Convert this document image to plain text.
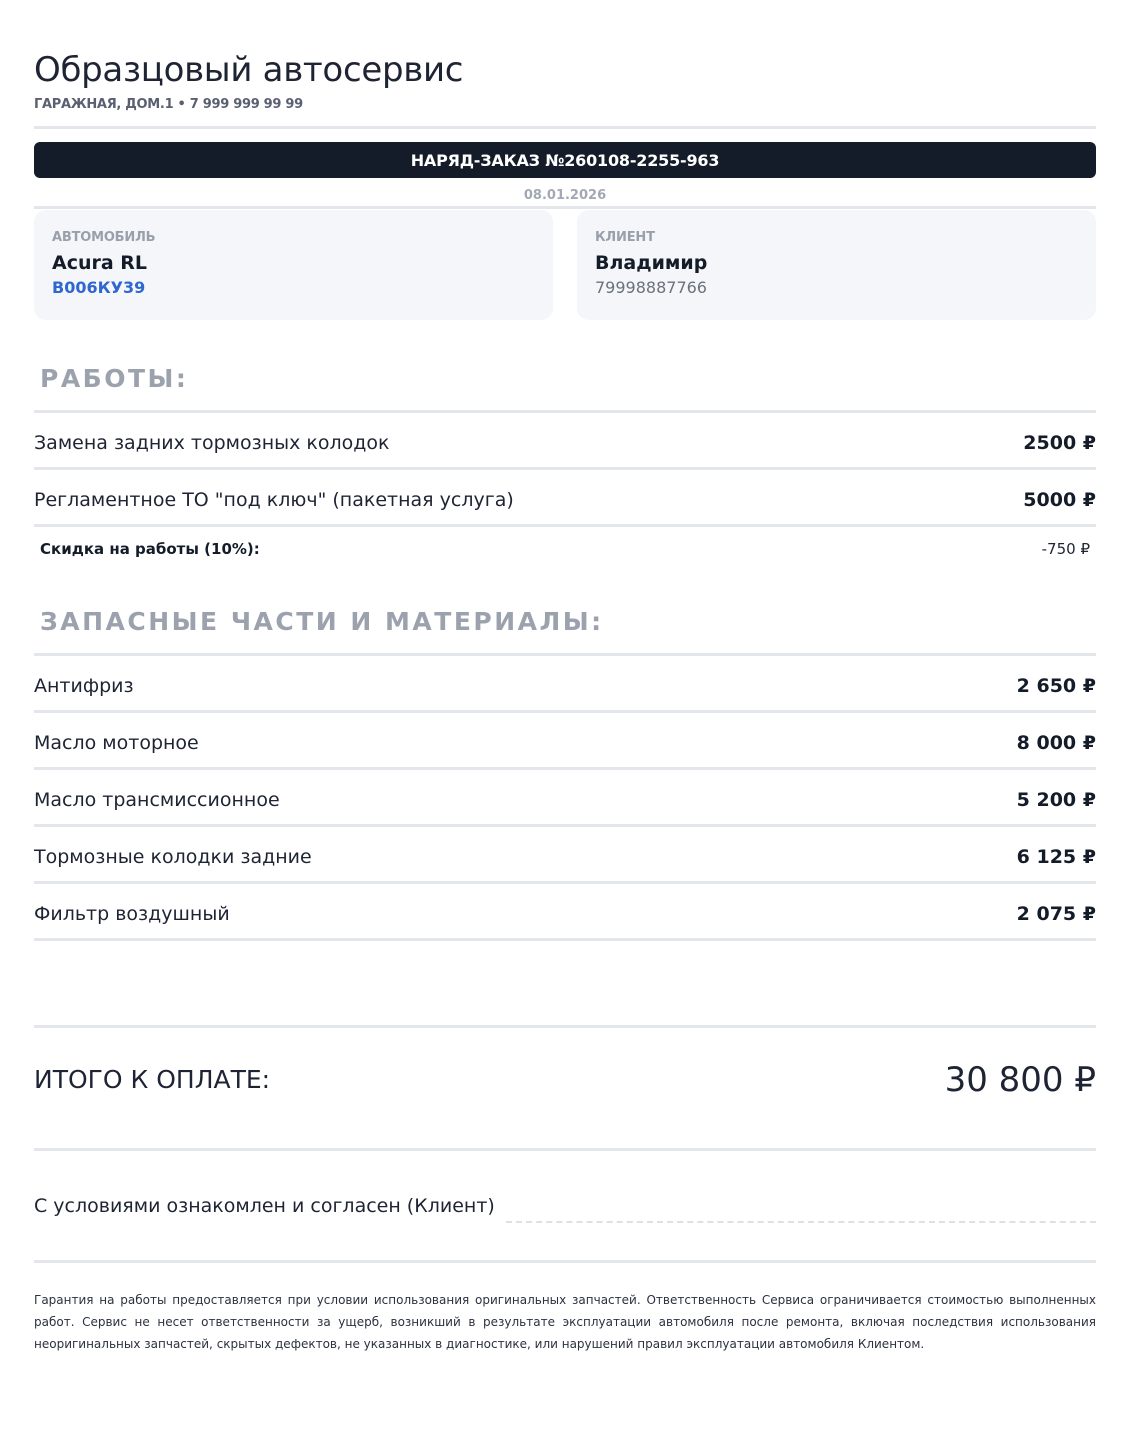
Образцовый автосервис
ГАРАЖНАЯ, ДОМ.1 • 7 999 999 99 99
НАРЯД-ЗАКАЗ №260108-2255-963
08.01.2026
АВТОМОБИЛЬ
Acura RL
В006КУ39
КЛИЕНТ
Владимир
79998887766
РАБОТЫ:
Замена задних тормозных колодок	2500 ₽
Регламентное ТО "под ключ" (пакетная услуга)	5000 ₽
Скидка на работы (10%):	-750 ₽
ЗАПАСНЫЕ ЧАСТИ И МАТЕРИАЛЫ:
Антифриз	2 650 ₽
Масло моторное	8 000 ₽
Масло трансмиссионное	5 200 ₽
Тормозные колодки задние	6 125 ₽
Фильтр воздушный	2 075 ₽
ИТОГО К ОПЛАТЕ:	30 800 ₽
С условиями ознакомлен и согласен (Клиент)
Гарантия на работы предоставляется при условии использования оригинальных запчастей. Ответственность Сервиса ограничивается стоимостью выполненных работ. Сервис не несет ответственности за ущерб, возникший в результате эксплуатации автомобиля после ремонта, включая последствия использования неоригинальных запчастей, скрытых дефектов, не указанных в диагностике, или нарушений правил эксплуатации автомобиля Клиентом.
